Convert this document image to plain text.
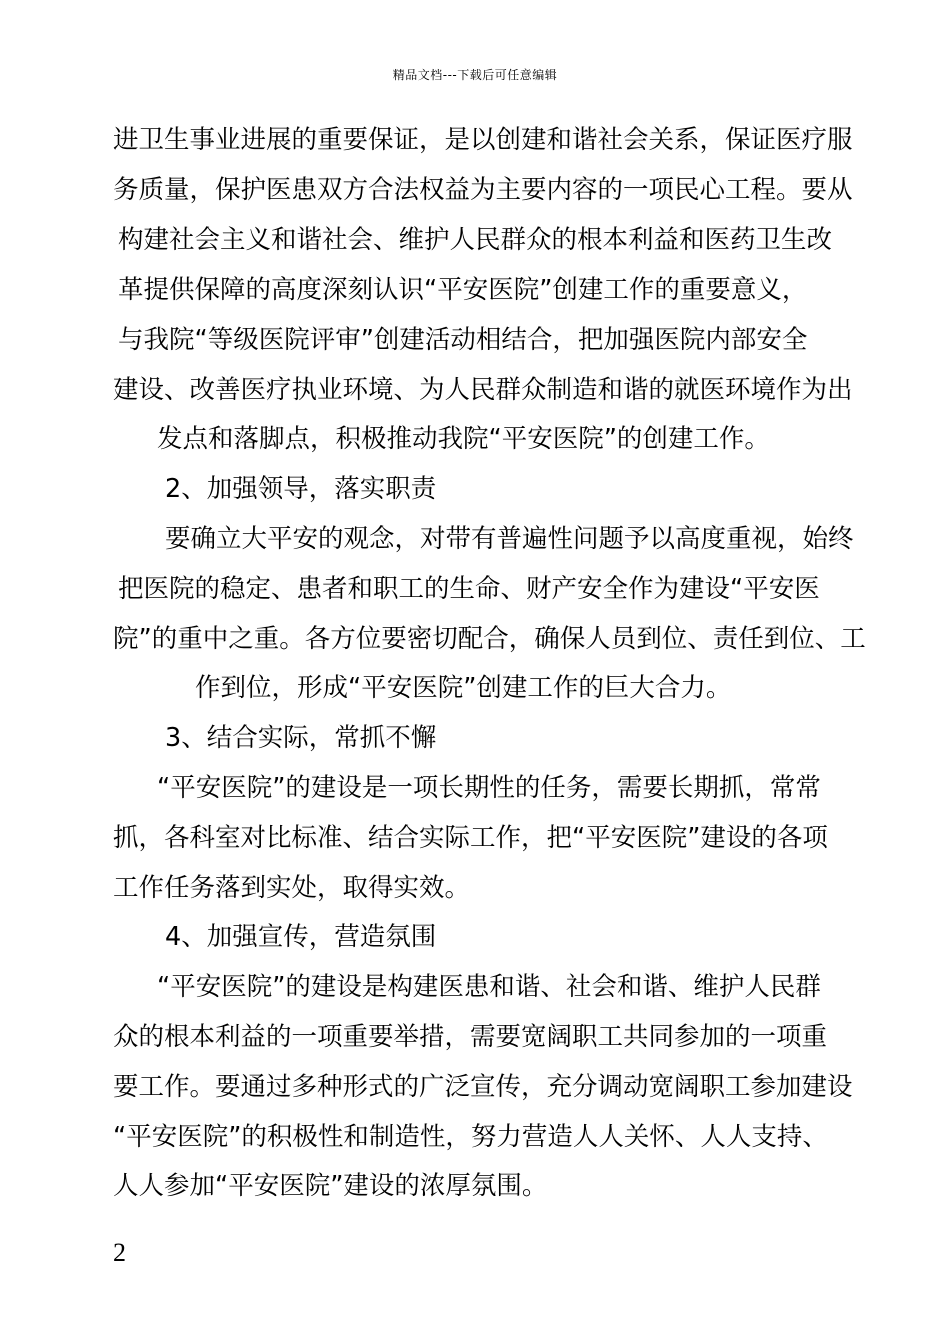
精品文档---下载后可任意编辑
进卫生事业进展的重要保证，是以创建和谐社会关系，保证医疗服
务质量，保护医患双方合法权益为主要内容的一项民心工程。要从
构建社会主义和谐社会、维护人民群众的根本利益和医药卫生改
革提供保障的高度深刻认识“平安医院”创建工作的重要意义，
与我院“等级医院评审”创建活动相结合，把加强医院内部安全
建设、改善医疗执业环境、为人民群众制造和谐的就医环境作为出
发点和落脚点，积极推动我院“平安医院”的创建工作。
2、加强领导，落实职责
要确立大平安的观念，对带有普遍性问题予以高度重视，始终
把医院的稳定、患者和职工的生命、财产安全作为建设“平安医
院”的重中之重。各方位要密切配合，确保人员到位、责任到位、工
作到位，形成“平安医院”创建工作的巨大合力。
3、结合实际，常抓不懈
“平安医院”的建设是一项长期性的任务，需要长期抓，常常
抓，各科室对比标准、结合实际工作，把“平安医院”建设的各项
工作任务落到实处，取得实效。
4、加强宣传，营造氛围
“平安医院”的建设是构建医患和谐、社会和谐、维护人民群
众的根本利益的一项重要举措，需要宽阔职工共同参加的一项重
要工作。要通过多种形式的广泛宣传，充分调动宽阔职工参加建设
“平安医院”的积极性和制造性，努力营造人人关怀、人人支持、
人人参加“平安医院”建设的浓厚氛围。
2
